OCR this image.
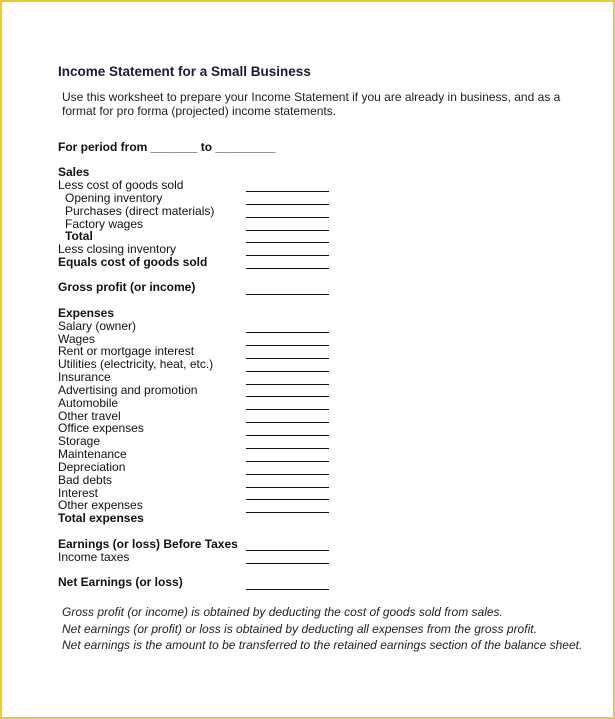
Income Statement for a Small Business
Use this worksheet to prepare your Income Statement if you are already in business, and as a format for pro forma (projected) income statements.
For period from _______ to _________
Sales
Less cost of goods sold
Opening inventory
Purchases (direct materials)
Factory wages
Total
Less closing inventory
Equals cost of goods sold
Gross profit (or income)
Expenses
Salary (owner)
Wages
Rent or mortgage interest
Utilities (electricity, heat, etc.)
Insurance
Advertising and promotion
Automobile
Other travel
Office expenses
Storage
Maintenance
Depreciation
Bad debts
Interest
Other expenses
Total expenses
Earnings (or loss) Before Taxes
Income taxes
Net Earnings (or loss)
Gross profit (or income) is obtained by deducting the cost of goods sold from sales.
Net earnings (or profit) or loss is obtained by deducting all expenses from the gross profit.
Net earnings is the amount to be transferred to the retained earnings section of the balance sheet.
